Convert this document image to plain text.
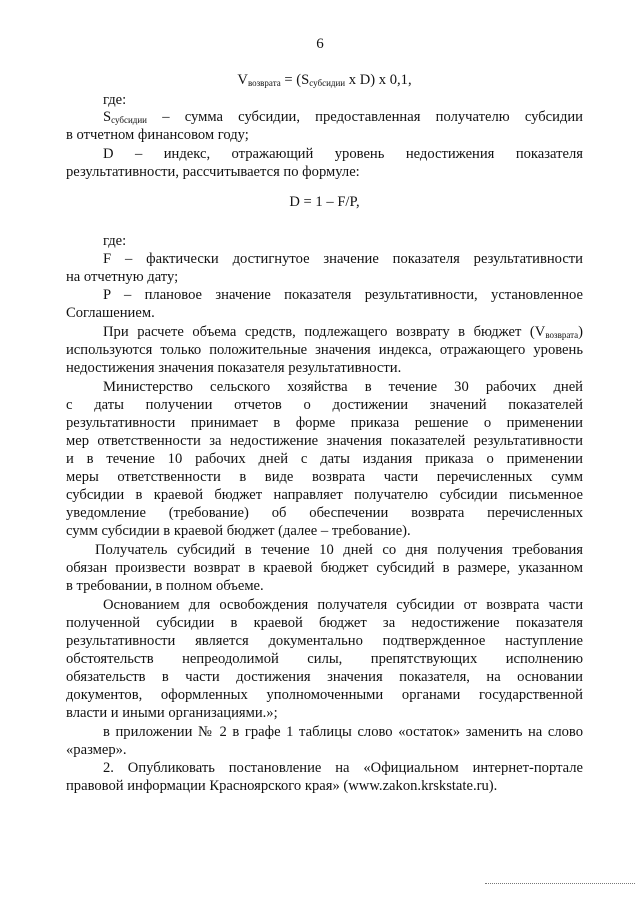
6

$V_{возврата} = (S_{субсидии}$ x D) x 0,1,

где:

$S_{субсидии}$ – сумма субсидии, предоставленная получателю субсидии

в отчетном финансовом году;

D – индекс, отражающий уровень недостижения показателя

результативности, рассчитывается по формуле:

D = 1 – F/P,

где:

F – фактически достигнутое значение показателя результативности

на отчетную дату;

P – плановое значение показателя результативности, установленное

Соглашением.

При расчете объема средств, подлежащего возврату в бюджет $(V_{возврата})$

используются только положительные значения индекса, отражающего уровень

недостижения значения показателя результативности.

Министерство сельского хозяйства в течение 30 рабочих дней

с даты получении отчетов о достижении значений показателей

результативности принимает в форме приказа решение о применении

мер ответственности за недостижение значения показателей результативности

и в течение 10 рабочих дней с даты издания приказа о применении

меры ответственности в виде возврата части перечисленных сумм

субсидии в краевой бюджет направляет получателю субсидии письменное

уведомление (требование) об обеспечении возврата перечисленных

сумм субсидии в краевой бюджет (далее – требование).

Получатель субсидий в течение 10 дней со дня получения требования

обязан произвести возврат в краевой бюджет субсидий в размере, указанном

в требовании, в полном объеме.

Основанием для освобождения получателя субсидии от возврата части

полученной субсидии в краевой бюджет за недостижение показателя

результативности является документально подтвержденное наступление

обстоятельств непреодолимой силы, препятствующих исполнению

обязательств в части достижения значения показателя, на основании

документов, оформленных уполномоченными органами государственной

власти и иными организациями.»;

в приложении № 2 в графе 1 таблицы слово «остаток» заменить на слово

«размер».

2. Опубликовать постановление на «Официальном интернет-портале

правовой информации Красноярского края» (www.zakon.krskstate.ru).
